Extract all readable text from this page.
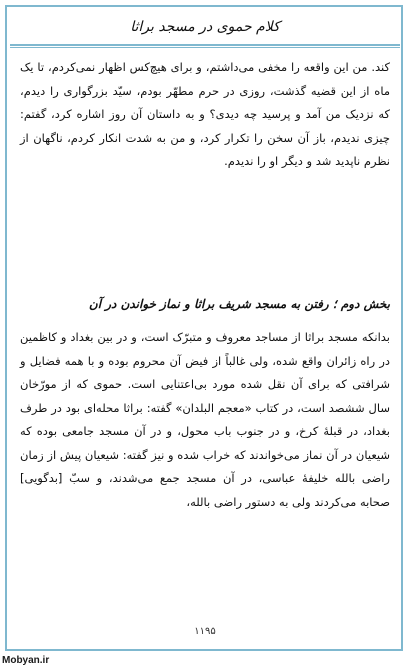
كلام حموی در مسجد براثا

كند. من اين واقعه را مخفى مى‌داشتم، و براى هيچ‌كس اظهار نمى‌كردم، تا يک ماه از اين قضيه گذشت، روزى در حرم مطهّر بودم، سيّد بزرگوارى را ديدم، كه نزديک من آمد و پرسيد چه ديدى؟ و به داستان آن روز اشاره كرد، گفتم: چيزى نديدم، باز آن سخن را تكرار كرد، و من به شدت انكار كردم، ناگهان از نظرم ناپديد شد و ديگر او را نديدم.

بخش دوم ؛ رفتن به مسجد شریف براثا و نماز خواندن در آن

بدانكه مسجد براثا از مساجد معروف و متبرّک است، و در بين بغداد و كاظمين در راه زائران واقع شده، ولى غالباً از فيض آن محروم بوده و با همه فضايل و شرافتى كه براى آن نقل شده مورد بى‌اعتنايى است. حموى كه از مورّخان سال ششصد است، در كتاب «معجم البلدان» گفته: براثا محله‌اى بود در طرف بغداد، در قبلهٔ كرخ، و در جنوب باب محول، و در آن مسجد جامعى بوده كه شيعيان در آن نماز مى‌خواندند كه خراب شده و نيز گفته: شيعيان پيش از زمان راضى بالله خليفهٔ عباسى، در آن مسجد جمع مى‌شدند، و سبّ [بدگويى] صحابه مى‌كردند ولى به دستور راضى بالله،

۱۱۹۵
Mobyan.ir
